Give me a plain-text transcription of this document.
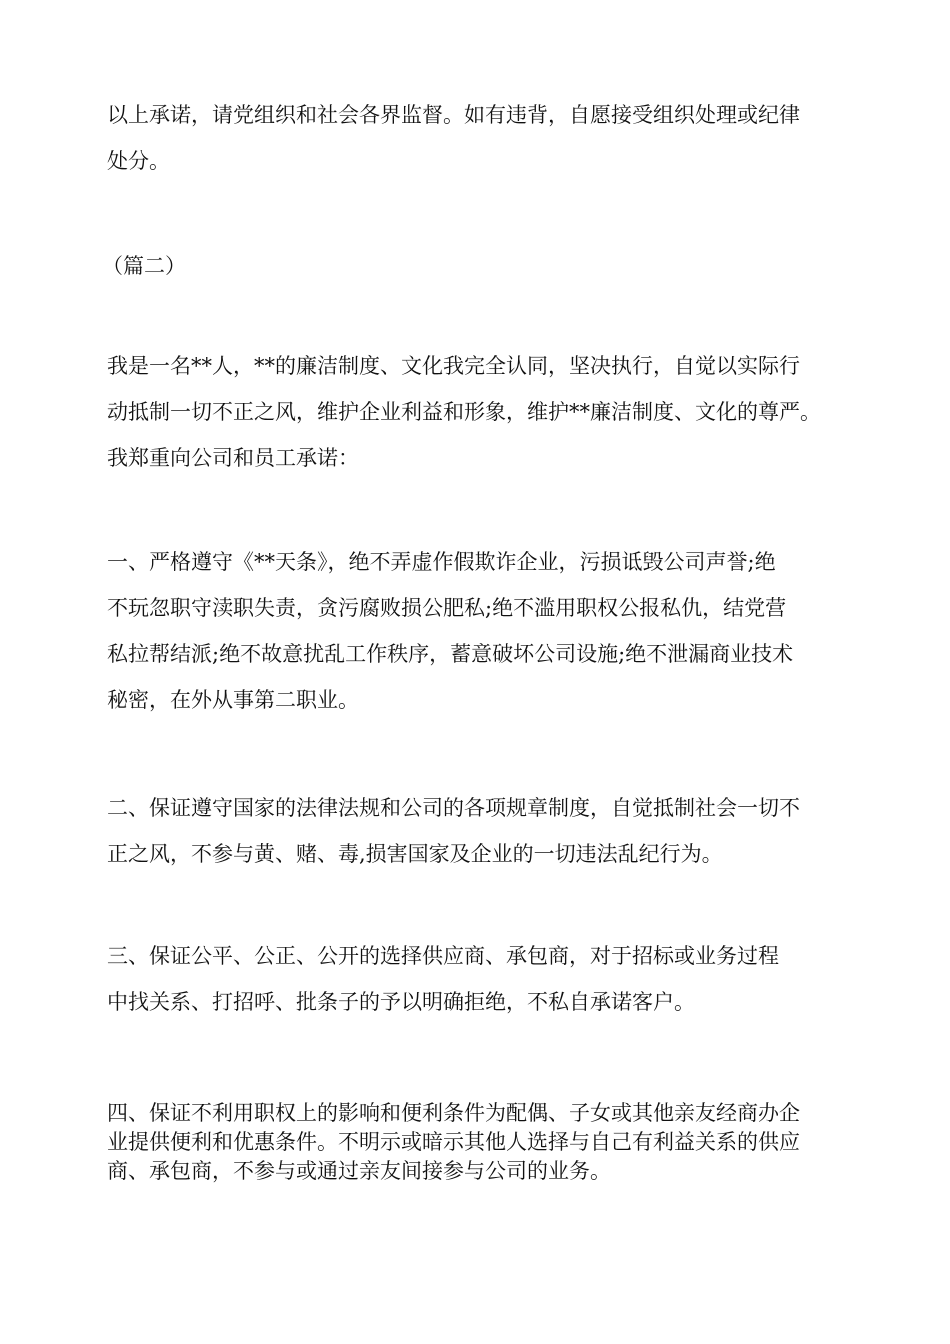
以上承诺，请党组织和社会各界监督。如有违背，自愿接受组织处理或纪律
处分。

（篇二）

我是一名**人，**的廉洁制度、文化我完全认同，坚决执行，自觉以实际行
动抵制一切不正之风，维护企业利益和形象，维护**廉洁制度、文化的尊严。
我郑重向公司和员工承诺：

一、严格遵守《**天条》，绝不弄虚作假欺诈企业，污损诋毁公司声誉;绝
不玩忽职守渎职失责，贪污腐败损公肥私;绝不滥用职权公报私仇，结党营
私拉帮结派;绝不故意扰乱工作秩序，蓄意破坏公司设施;绝不泄漏商业技术
秘密，在外从事第二职业。

二、保证遵守国家的法律法规和公司的各项规章制度，自觉抵制社会一切不
正之风，不参与黄、赌、毒,损害国家及企业的一切违法乱纪行为。

三、保证公平、公正、公开的选择供应商、承包商，对于招标或业务过程
中找关系、打招呼、批条子的予以明确拒绝，不私自承诺客户。

四、保证不利用职权上的影响和便利条件为配偶、子女或其他亲友经商办企
业提供便利和优惠条件。不明示或暗示其他人选择与自己有利益关系的供应
商、承包商，不参与或通过亲友间接参与公司的业务。
